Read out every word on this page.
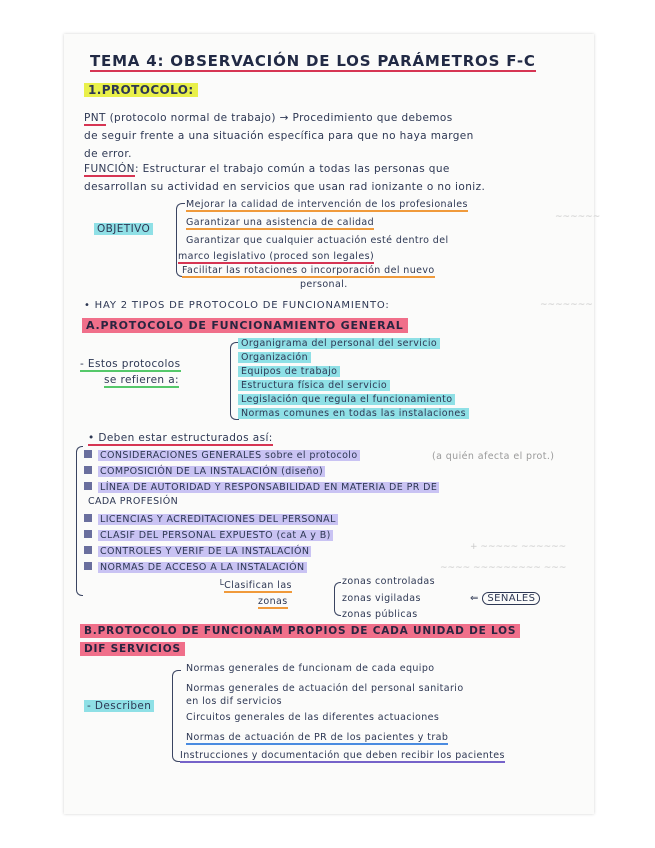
~~~~~~
~~~~~~~
+ ~~~~~ ~~~~~~
~~~~ ~~~~~~~~~ ~~~
TEMA 4: OBSERVACIÓN DE LOS PARÁMETROS F-C
1.PROTOCOLO:
PNT (protocolo normal de trabajo) → Procedimiento que debemos
de seguir frente a una situación específica para que no haya margen
de error.
FUNCIÓN: Estructurar el trabajo común a todas las personas que
desarrollan su actividad en servicios que usan rad ionizante o no ioniz.
OBJETIVO
Mejorar la calidad de intervención de los profesionales
Garantizar una asistencia de calidad
Garantizar que cualquier actuación esté dentro del
marco legislativo (proced son legales)
Facilitar las rotaciones o incorporación del nuevo
personal.
• HAY 2 TIPOS DE PROTOCOLO DE FUNCIONAMIENTO:
A.PROTOCOLO DE FUNCIONAMIENTO GENERAL
- Estos protocolos
se refieren a:
Organigrama del personal del servicio
Organización
Equipos de trabajo
Estructura física del servicio
Legislación que regula el funcionamiento
Normas comunes en todas las instalaciones
• Deben estar estructurados así:
CONSIDERACIONES GENERALES sobre el protocolo	(a quién afecta el prot.)
COMPOSICIÓN DE LA INSTALACIÓN (diseño)
LÍNEA DE AUTORIDAD Y RESPONSABILIDAD EN MATERIA DE PR DE
CADA PROFESIÓN
LICENCIAS Y ACREDITACIONES DEL PERSONAL
CLASIF DEL PERSONAL EXPUESTO (cat A y B)
CONTROLES Y VERIF DE LA INSTALACIÓN
NORMAS DE ACCESO A LA INSTALACIÓN
└Clasifican las
zonas
zonas controladas
zonas vigiladas
zonas públicas
⇐ SEÑALES
B.PROTOCOLO DE FUNCIONAM PROPIOS DE CADA UNIDAD DE LOS
DIF SERVICIOS
- Describen
Normas generales de funcionam de cada equipo
Normas generales de actuación del personal sanitario
en los dif servicios
Circuitos generales de las diferentes actuaciones
Normas de actuación de PR de los pacientes y trab
Instrucciones y documentación que deben recibir los pacientes
